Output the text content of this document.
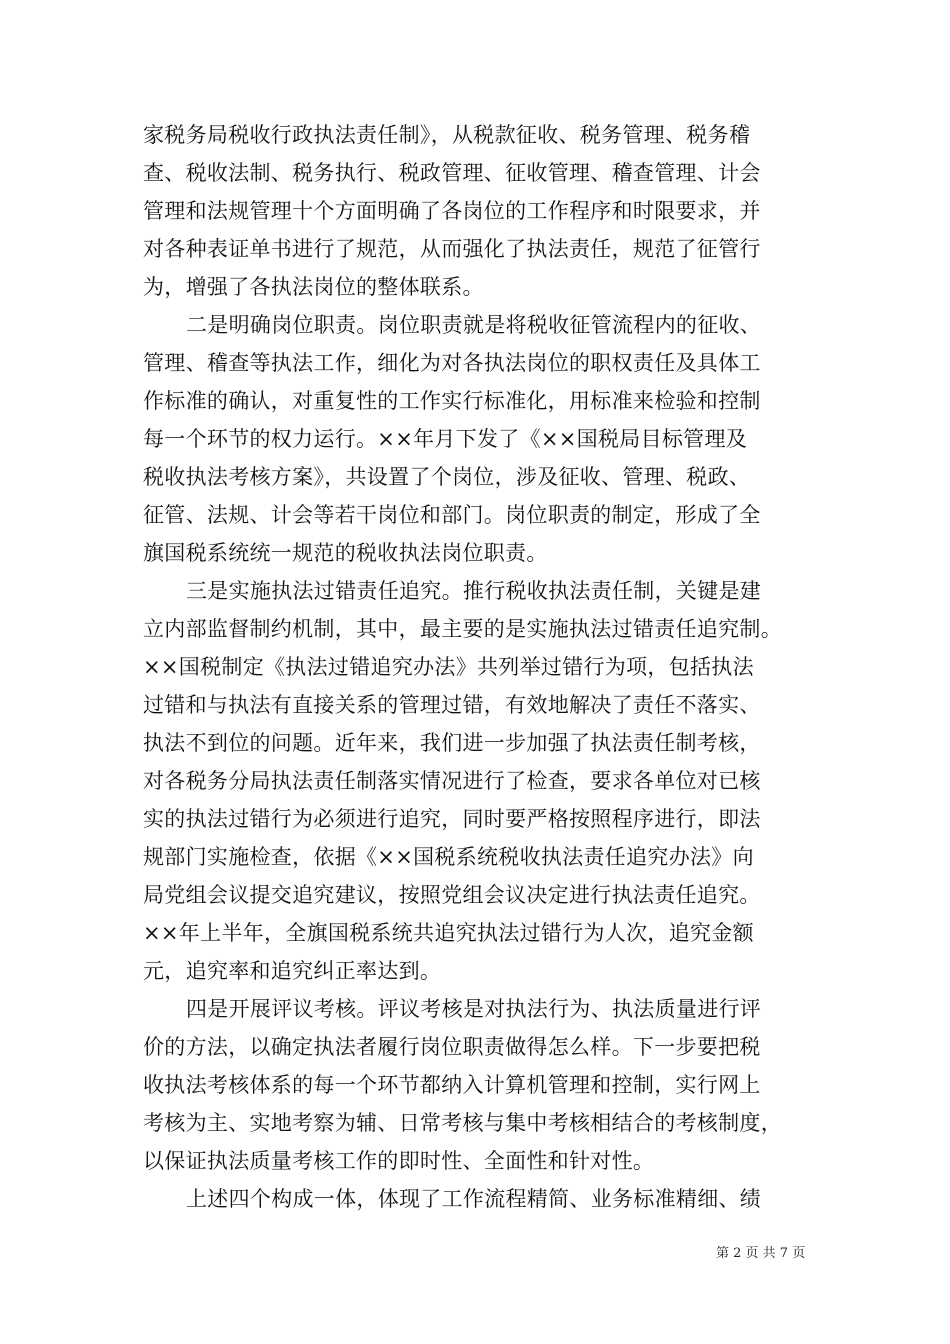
家税务局税收行政执法责任制》，从税款征收、税务管理、税务稽
查、税收法制、税务执行、税政管理、征收管理、稽查管理、计会
管理和法规管理十个方面明确了各岗位的工作程序和时限要求，并
对各种表证单书进行了规范，从而强化了执法责任，规范了征管行
为，增强了各执法岗位的整体联系。
二是明确岗位职责。岗位职责就是将税收征管流程内的征收、
管理、稽查等执法工作，细化为对各执法岗位的职权责任及具体工
作标准的确认，对重复性的工作实行标准化，用标准来检验和控制
每一个环节的权力运行。××年月下发了《××国税局目标管理及
税收执法考核方案》，共设置了个岗位，涉及征收、管理、税政、
征管、法规、计会等若干岗位和部门。岗位职责的制定，形成了全
旗国税系统统一规范的税收执法岗位职责。
三是实施执法过错责任追究。推行税收执法责任制，关键是建
立内部监督制约机制，其中，最主要的是实施执法过错责任追究制。
××国税制定《执法过错追究办法》共列举过错行为项，包括执法
过错和与执法有直接关系的管理过错，有效地解决了责任不落实、
执法不到位的问题。近年来，我们进一步加强了执法责任制考核，
对各税务分局执法责任制落实情况进行了检查，要求各单位对已核
实的执法过错行为必须进行追究，同时要严格按照程序进行，即法
规部门实施检查，依据《××国税系统税收执法责任追究办法》向
局党组会议提交追究建议，按照党组会议决定进行执法责任追究。
××年上半年，全旗国税系统共追究执法过错行为人次，追究金额
元，追究率和追究纠正率达到。
四是开展评议考核。评议考核是对执法行为、执法质量进行评
价的方法，以确定执法者履行岗位职责做得怎么样。下一步要把税
收执法考核体系的每一个环节都纳入计算机管理和控制，实行网上
考核为主、实地考察为辅、日常考核与集中考核相结合的考核制度，
以保证执法质量考核工作的即时性、全面性和针对性。
上述四个构成一体，体现了工作流程精简、业务标准精细、绩
第 2 页 共 7 页
